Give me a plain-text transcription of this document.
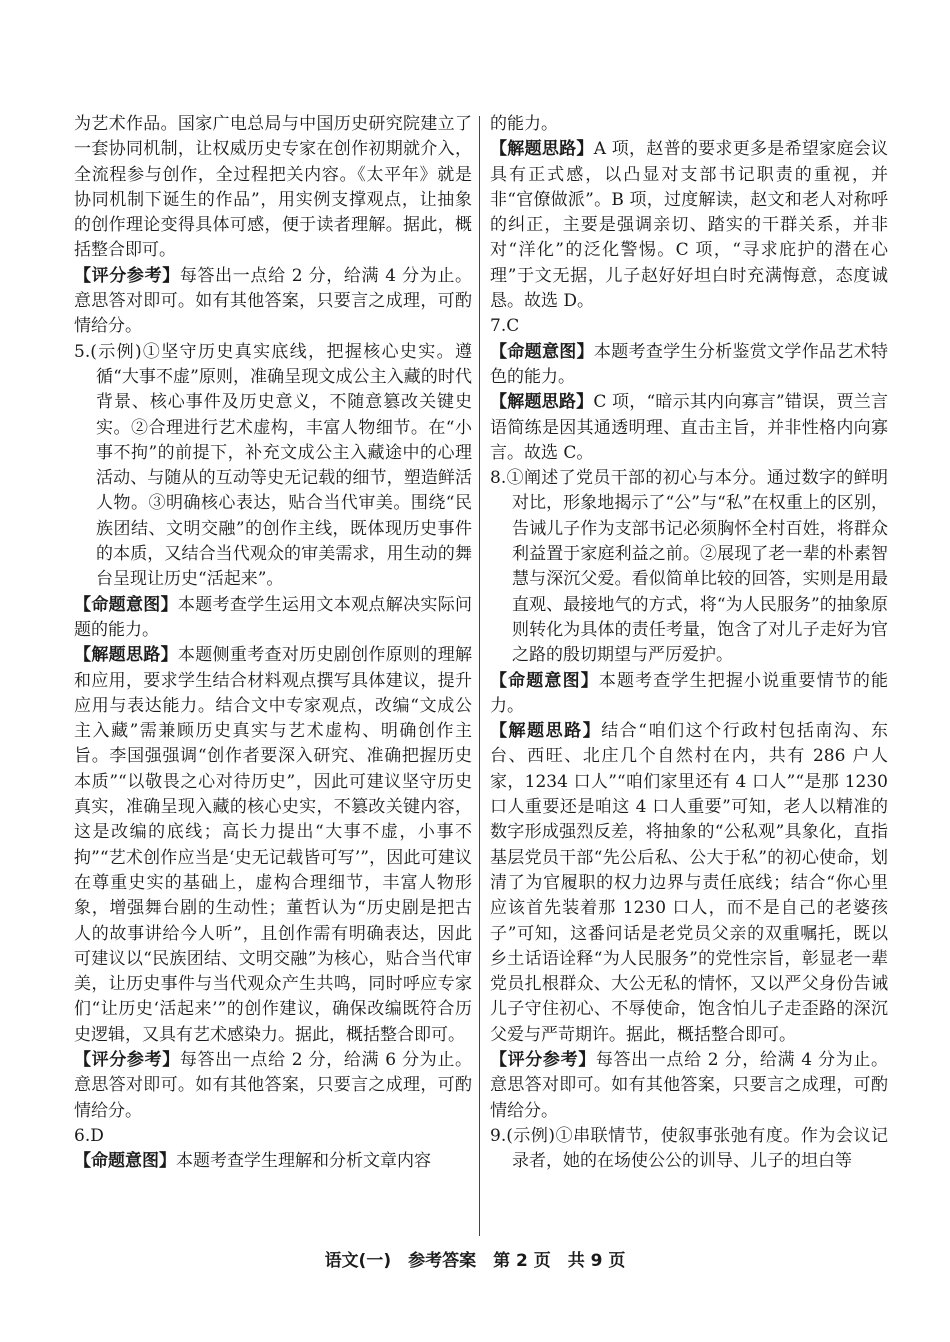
为艺术作品。国家广电总局与中国历史研究院建立了一套协同机制，让权威历史专家在创作初期就介入，全流程参与创作，全过程把关内容。《太平年》就是协同机制下诞生的作品”，用实例支撑观点，让抽象的创作理论变得具体可感，便于读者理解。据此，概括整合即可。

【评分参考】每答出一点给 2 分，给满 4 分为止。意思答对即可。如有其他答案，只要言之成理，可酌情给分。

5.(示例)①坚守历史真实底线，把握核心史实。遵循“大事不虚”原则，准确呈现文成公主入藏的时代背景、核心事件及历史意义，不随意篡改关键史实。②合理进行艺术虚构，丰富人物细节。在“小事不拘”的前提下，补充文成公主入藏途中的心理活动、与随从的互动等史无记载的细节，塑造鲜活人物。③明确核心表达，贴合当代审美。围绕“民族团结、文明交融”的创作主线，既体现历史事件的本质，又结合当代观众的审美需求，用生动的舞台呈现让历史“活起来”。

【命题意图】本题考查学生运用文本观点解决实际问题的能力。

【解题思路】本题侧重考查对历史剧创作原则的理解和应用，要求学生结合材料观点撰写具体建议，提升应用与表达能力。结合文中专家观点，改编“文成公主入藏”需兼顾历史真实与艺术虚构、明确创作主旨。李国强强调“创作者要深入研究、准确把握历史本质”“以敬畏之心对待历史”，因此可建议坚守历史真实，准确呈现入藏的核心史实，不篡改关键内容，这是改编的底线；高长力提出“大事不虚，小事不拘”“艺术创作应当是‘史无记载皆可写’”，因此可建议在尊重史实的基础上，虚构合理细节，丰富人物形象，增强舞台剧的生动性；董哲认为“历史剧是把古人的故事讲给今人听”，且创作需有明确表达，因此可建议以“民族团结、文明交融”为核心，贴合当代审美，让历史事件与当代观众产生共鸣，同时呼应专家们“让历史‘活起来’”的创作建议，确保改编既符合历史逻辑，又具有艺术感染力。据此，概括整合即可。

【评分参考】每答出一点给 2 分，给满 6 分为止。意思答对即可。如有其他答案，只要言之成理，可酌情给分。

6.D

【命题意图】本题考查学生理解和分析文章内容

的能力。

【解题思路】A 项，赵普的要求更多是希望家庭会议具有正式感，以凸显对支部书记职责的重视，并非“官僚做派”。B 项，过度解读，赵文和老人对称呼的纠正，主要是强调亲切、踏实的干群关系，并非对“洋化”的泛化警惕。C 项，“寻求庇护的潜在心理”于文无据，儿子赵好好坦白时充满悔意，态度诚恳。故选 D。

7.C

【命题意图】本题考查学生分析鉴赏文学作品艺术特色的能力。

【解题思路】C 项，“暗示其内向寡言”错误，贾兰言语简练是因其通透明理、直击主旨，并非性格内向寡言。故选 C。

8.①阐述了党员干部的初心与本分。通过数字的鲜明对比，形象地揭示了“公”与“私”在权重上的区别，告诫儿子作为支部书记必须胸怀全村百姓，将群众利益置于家庭利益之前。②展现了老一辈的朴素智慧与深沉父爱。看似简单比较的回答，实则是用最直观、最接地气的方式，将“为人民服务”的抽象原则转化为具体的责任考量，饱含了对儿子走好为官之路的殷切期望与严厉爱护。

【命题意图】本题考查学生把握小说重要情节的能力。

【解题思路】结合“咱们这个行政村包括南沟、东台、西旺、北庄几个自然村在内，共有 286 户人家，1234 口人”“咱们家里还有 4 口人”“是那 1230 口人重要还是咱这 4 口人重要”可知，老人以精准的数字形成强烈反差，将抽象的“公私观”具象化，直指基层党员干部“先公后私、公大于私”的初心使命，划清了为官履职的权力边界与责任底线；结合“你心里应该首先装着那 1230 口人，而不是自己的老婆孩子”可知，这番问话是老党员父亲的双重嘱托，既以乡土话语诠释“为人民服务”的党性宗旨，彰显老一辈党员扎根群众、大公无私的情怀，又以严父身份告诫儿子守住初心、不辱使命，饱含怕儿子走歪路的深沉父爱与严苛期许。据此，概括整合即可。

【评分参考】每答出一点给 2 分，给满 4 分为止。意思答对即可。如有其他答案，只要言之成理，可酌情给分。

9.(示例)①串联情节，使叙事张弛有度。作为会议记录者，她的在场使公公的训导、儿子的坦白等

语文(一)　参考答案　第 2 页　共 9 页
